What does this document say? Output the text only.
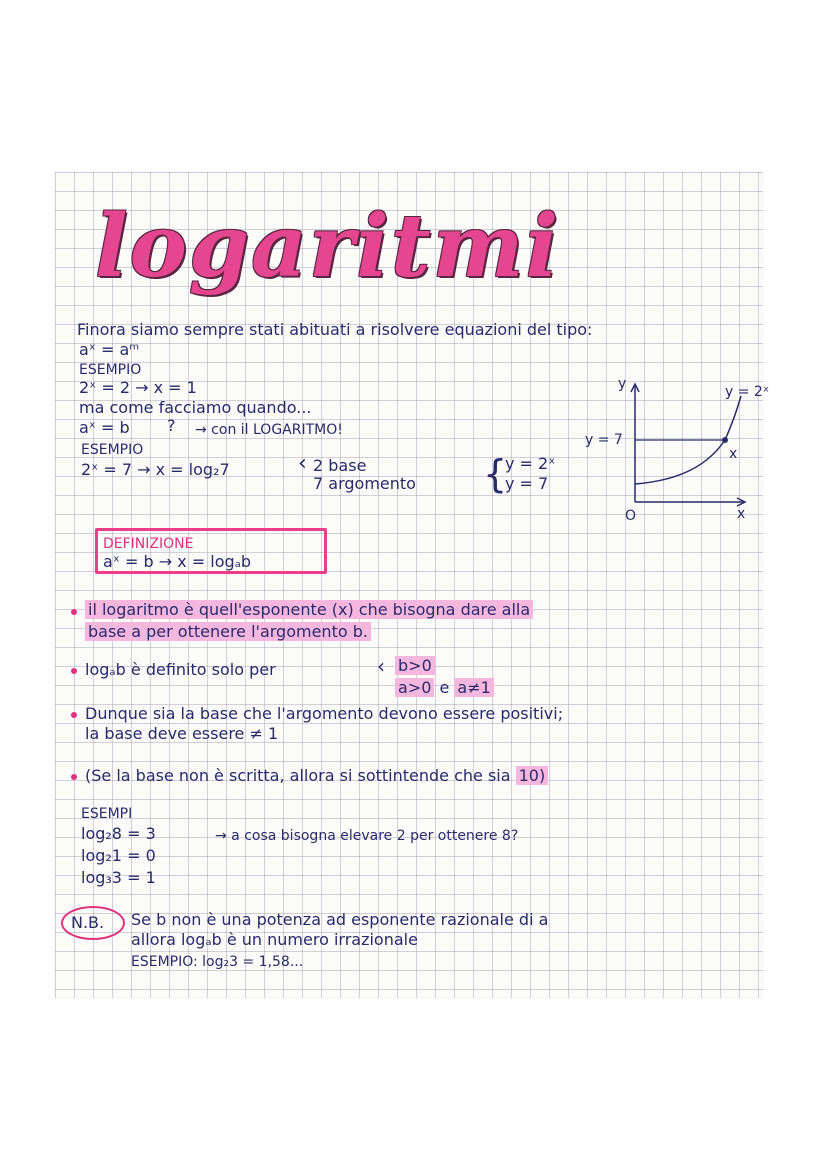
logaritmi
Finora siamo sempre stati abituati a risolvere equazioni del tipo:
aˣ = aᵐ
ESEMPIO
2ˣ = 2 → x = 1
ma come facciamo quando...
aˣ = b ? → con il LOGARITMO!
ESEMPIO
2ˣ = 7 → x = log₂7	‹ 2 base
7 argomento {
y = 2ˣ
y = 7
y
x
O
y = 2ˣ
y = 7
x
DEFINIZIONE
aˣ = b → x = logₐb
il logaritmo è quell'esponente (x) che bisogna dare alla
base a per ottenere l'argomento b.
logₐb è definito solo per	‹ b>0
a>0 e a≠1
Dunque sia la base che l'argomento devono essere positivi;
la base deve essere ≠ 1
(Se la base non è scritta, allora si sottintende che sia 10)
ESEMPI
log₂8 = 3	→ a cosa bisogna elevare 2 per ottenere 8?
log₂1 = 0
log₃3 = 1
N.B. Se b non è una potenza ad esponente razionale di a
allora logₐb è un numero irrazionale
ESEMPIO: log₂3 = 1,58...
